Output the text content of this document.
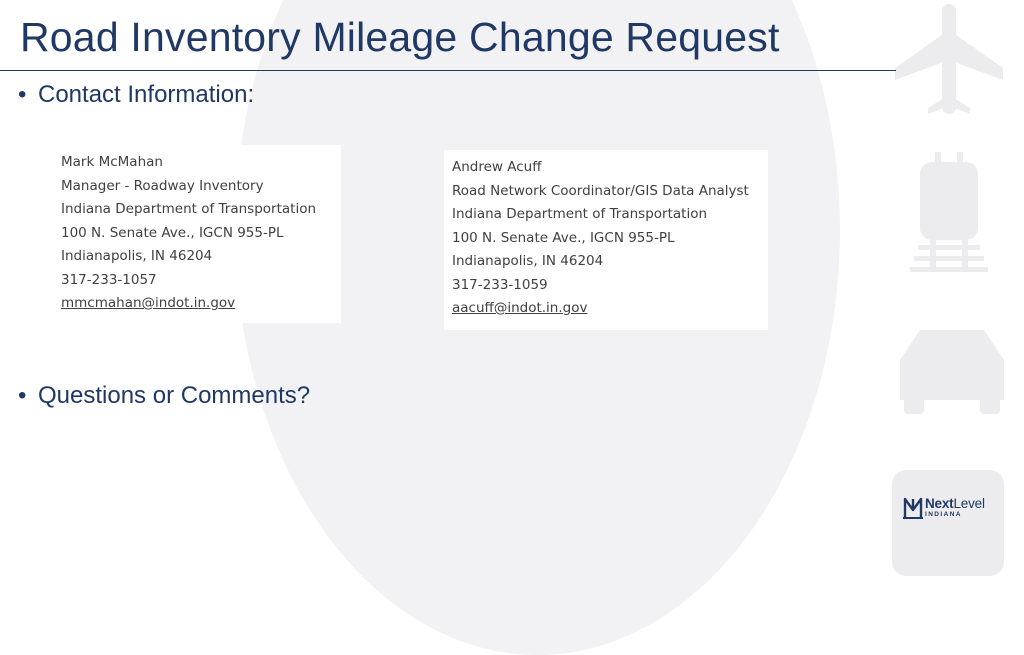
Road Inventory Mileage Change Request
• Contact Information:
Mark McMahan
Manager - Roadway Inventory
Indiana Department of Transportation
100 N. Senate Ave., IGCN 955-PL
Indianapolis, IN 46204
317-233-1057
mmcmahan@indot.in.gov
Andrew Acuff
Road Network Coordinator/GIS Data Analyst
Indiana Department of Transportation
100 N. Senate Ave., IGCN 955-PL
Indianapolis, IN 46204
317-233-1059
aacuff@indot.in.gov
• Questions or Comments?
NextLevel
INDIANA
